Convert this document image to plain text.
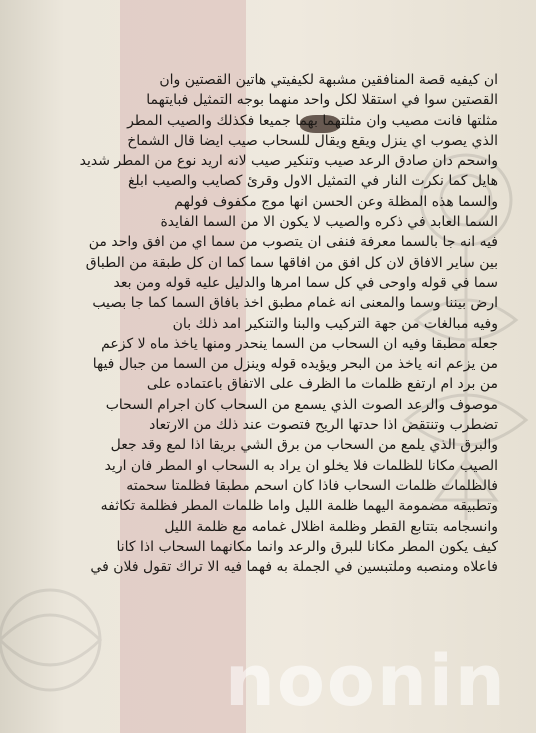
ان كيفيه قصة المنافقين مشبهة لكيفيتي هاتين القصتين وان
القصتين سوا في استقلا لكل واحد منهما بوجه التمثيل فبايتهما
مثلتها فانت مصيب وان مثلتهما بهما جميعا فكذلك والصيب المطر
الذي يصوب اي ينزل ويقع ويقال للسحاب صيب ايضا قال الشماخ
واسحم دان صادق الرعد صيب وتنكير صيب لانه اريد نوع من المطر شديد
هايل كما نكرت النار في التمثيل الاول وقرئ كصايب والصيب ابلغ
والسما هذه المظلة وعن الحسن انها موج مكفوف فولهم
السما العابد في ذكره والصيب لا يكون الا من السما الفايدة
فيه انه جا بالسما معرفة فنفى ان يتصوب من سما اي من افق واحد من
بين ساير الافاق لان كل افق من افاقها سما كما ان كل طبقة من الطباق
سما في قوله واوحى في كل سما امرها والدليل عليه قوله ومن بعد
ارض بيننا وسما والمعنى انه غمام مطبق اخذ بافاق السما كما جا بصيب
وفيه مبالغات من جهة التركيب والبنا والتنكير امد ذلك بان
جعله مطبقا وفيه ان السحاب من السما ينحدر ومنها ياخذ ماه لا كزعم
من يزعم انه ياخذ من البحر ويؤيده قوله وينزل من السما من جبال فيها
من برد ام ارتفع ظلمات ما الظرف على الاتفاق باعتماده على
موصوف والرعد الصوت الذي يسمع من السحاب كان اجرام السحاب
تضطرب وتنتقض اذا حدتها الريح فتصوت عند ذلك من الارتعاد
والبرق الذي يلمع من السحاب من برق الشي بريقا اذا لمع وقد جعل
الصيب مكانا للظلمات فلا يخلو ان يراد به السحاب او المطر فان اريد
فالظلمات ظلمات السحاب فاذا كان اسحم مطبقا فظلمتا سحمته
وتطبيقه مضمومة اليهما ظلمة الليل واما ظلمات المطر فظلمة تكاثفه
وانسجامه بتتابع القطر وظلمة اظلال غمامه مع ظلمة الليل
كيف يكون المطر مكانا للبرق والرعد وانما مكانهما السحاب اذا كانا
فاعلاه ومنصبه وملتبسين في الجملة به فهما فيه الا تراك تقول فلان في
noonin
